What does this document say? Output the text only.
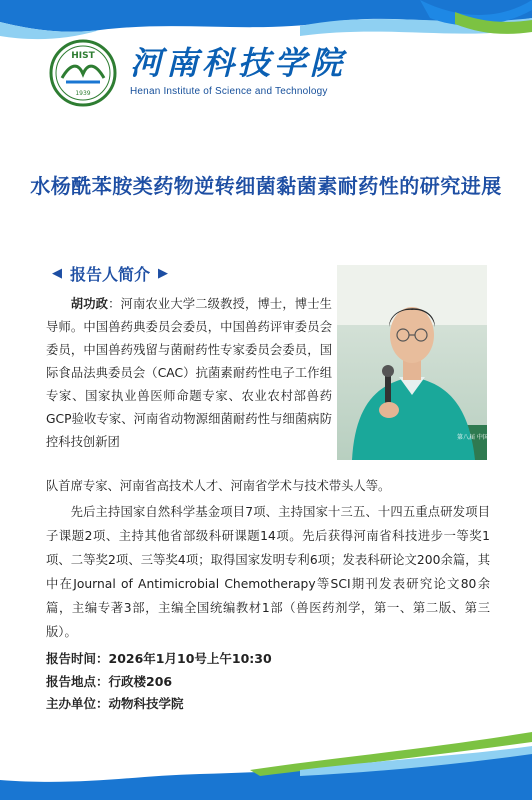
HIST
1939
河南科技学院
Henan Institute of Science and Technology
水杨酰苯胺类药物逆转细菌黏菌素耐药性的研究进展
◀ 报告人简介 ▶
第八届 中国动物药
胡功政：河南农业大学二级教授，博士，博士生导师。中国兽药典委员会委员，中国兽药评审委员会委员，中国兽药残留与菌耐药性专家委员会委员，国际食品法典委员会（CAC）抗菌素耐药性电子工作组专家、国家执业兽医师命题专家、农业农村部兽药GCP验收专家、河南省动物源细菌耐药性与细菌病防控科技创新团
队首席专家、河南省高技术人才、河南省学术与技术带头人等。
先后主持国家自然科学基金项目7项、主持国家十三五、十四五重点研发项目子课题2项、主持其他省部级科研课题14项。先后获得河南省科技进步一等奖1项、二等奖2项、三等奖4项；取得国家发明专利6项；发表科研论文200余篇，其中在Journal of Antimicrobial Chemotherapy等SCI期刊发表研究论文80余篇，主编专著3部，主编全国统编教材1部（兽医药剂学，第一、第二版、第三版）。
报告时间：2026年1月10号上午10:30
报告地点：行政楼206
主办单位：动物科技学院
